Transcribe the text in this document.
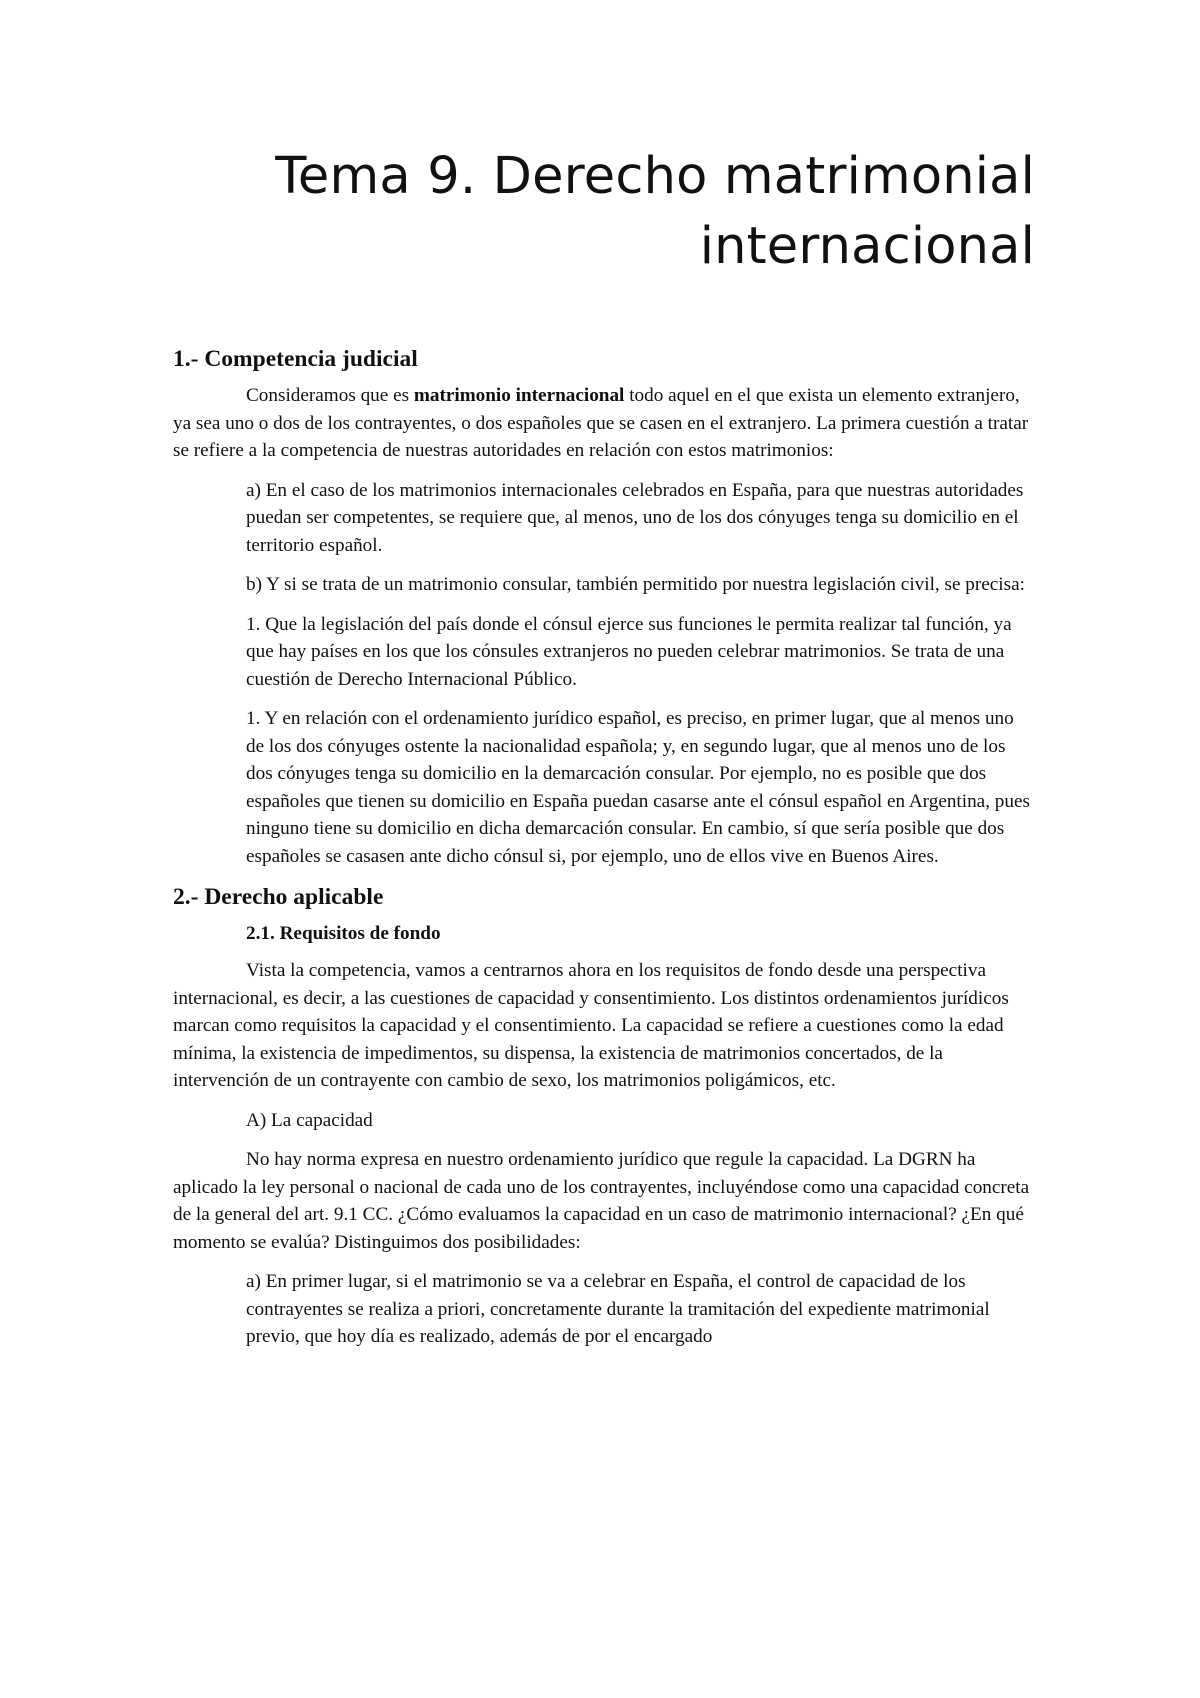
Tema 9. Derecho matrimonial
internacional
1.- Competencia judicial

Consideramos que es matrimonio internacional todo aquel en el que exista un elemento extranjero, ya sea uno o dos de los contrayentes, o dos españoles que se casen en el extranjero. La primera cuestión a tratar se refiere a la competencia de nuestras autoridades en relación con estos matrimonios:

a) En el caso de los matrimonios internacionales celebrados en España, para que nuestras autoridades puedan ser competentes, se requiere que, al menos, uno de los dos cónyuges tenga su domicilio en el territorio español.

b) Y si se trata de un matrimonio consular, también permitido por nuestra legislación civil, se precisa:

1. Que la legislación del país donde el cónsul ejerce sus funciones le permita realizar tal función, ya que hay países en los que los cónsules extranjeros no pueden celebrar matrimonios. Se trata de una cuestión de Derecho Internacional Público.

1. Y en relación con el ordenamiento jurídico español, es preciso, en primer lugar, que al menos uno de los dos cónyuges ostente la nacionalidad española; y, en segundo lugar, que al menos uno de los dos cónyuges tenga su domicilio en la demarcación consular. Por ejemplo, no es posible que dos españoles que tienen su domicilio en España puedan casarse ante el cónsul español en Argentina, pues ninguno tiene su domicilio en dicha demarcación consular. En cambio, sí que sería posible que dos españoles se casasen ante dicho cónsul si, por ejemplo, uno de ellos vive en Buenos Aires.

2.- Derecho aplicable
2.1. Requisitos de fondo

Vista la competencia, vamos a centrarnos ahora en los requisitos de fondo desde una perspectiva internacional, es decir, a las cuestiones de capacidad y consentimiento. Los distintos ordenamientos jurídicos marcan como requisitos la capacidad y el consentimiento. La capacidad se refiere a cuestiones como la edad mínima, la existencia de impedimentos, su dispensa, la existencia de matrimonios concertados, de la intervención de un contrayente con cambio de sexo, los matrimonios poligámicos, etc.

A) La capacidad

No hay norma expresa en nuestro ordenamiento jurídico que regule la capacidad. La DGRN ha aplicado la ley personal o nacional de cada uno de los contrayentes, incluyéndose como una capacidad concreta de la general del art. 9.1 CC. ¿Cómo evaluamos la capacidad en un caso de matrimonio internacional? ¿En qué momento se evalúa? Distinguimos dos posibilidades:

a) En primer lugar, si el matrimonio se va a celebrar en España, el control de capacidad de los contrayentes se realiza a priori, concretamente durante la tramitación del expediente matrimonial previo, que hoy día es realizado, además de por el encargado
